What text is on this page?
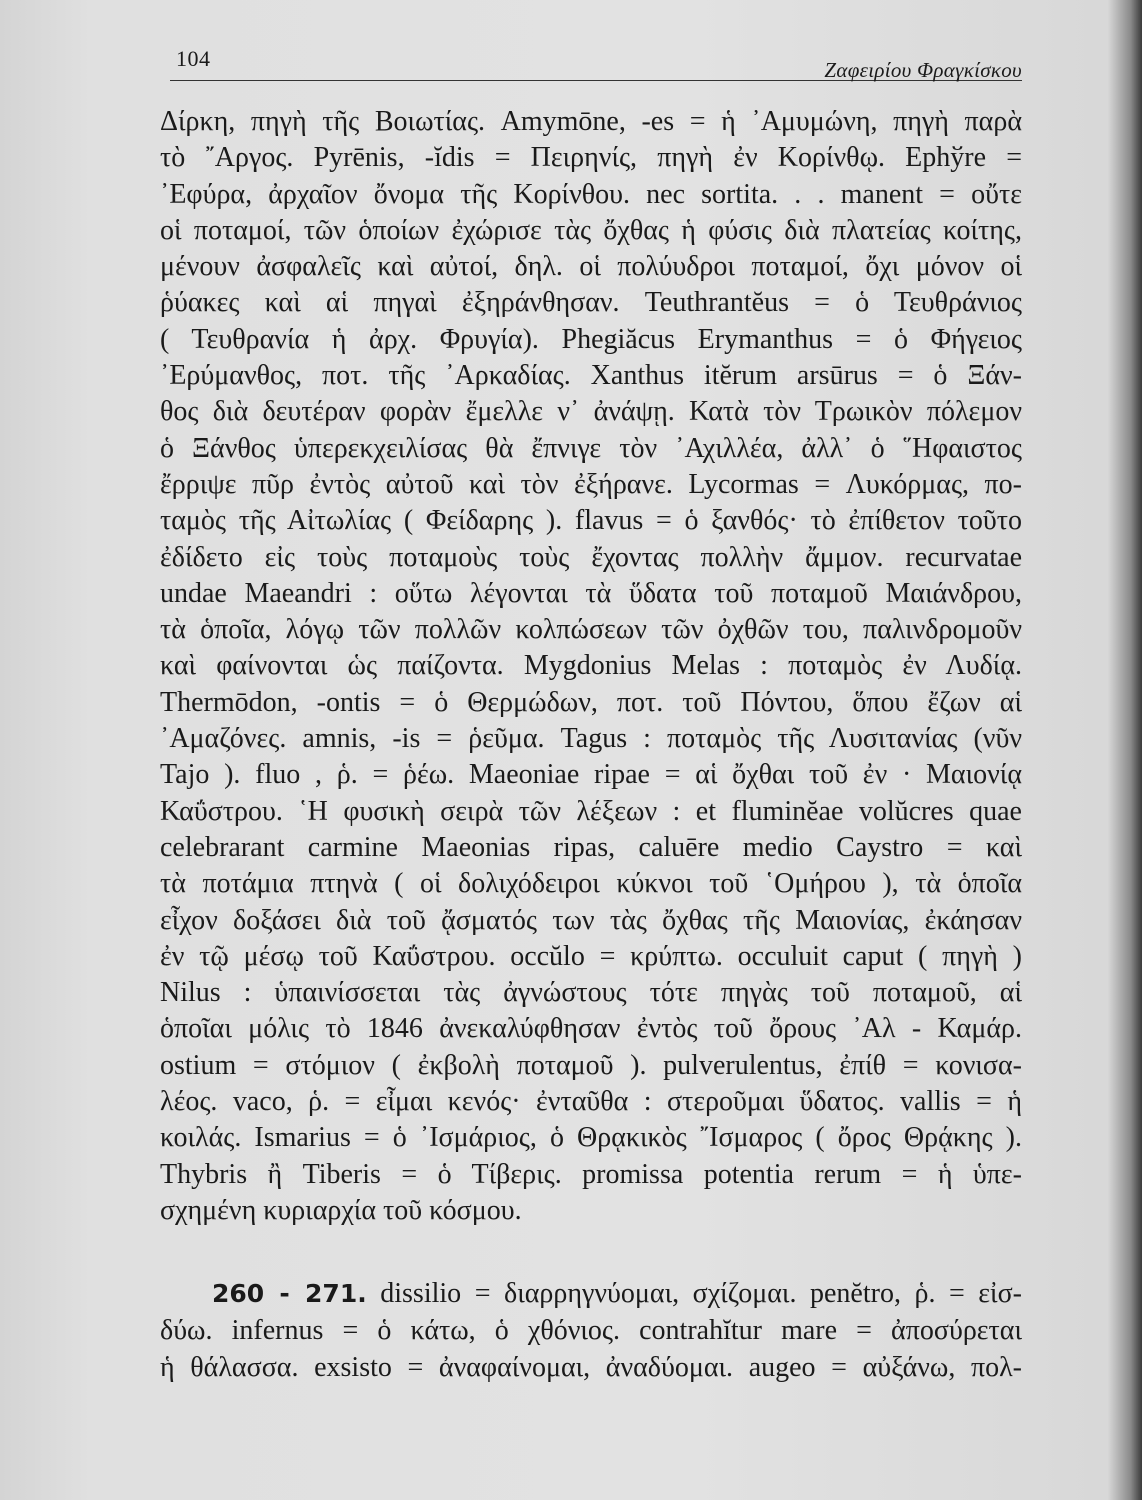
104	Ζαφειρίου Φραγκίσκου
Δίρκη, πηγὴ τῆς Βοιωτίας. Amymōne, -es = ἡ ᾿Αμυμώνη, πηγὴ παρὰ
τὸ ῎Αργος. Pyrēnis, -ĭdis = Πειρηνίς, πηγὴ ἐν Κορίνθῳ. Ephўre =
᾿Εφύρα, ἀρχαῖον ὄνομα τῆς Κορίνθου. nec sortita. . . manent = οὔτε
οἱ ποταμοί, τῶν ὁποίων ἐχώρισε τὰς ὄχθας ἡ φύσις διὰ πλατείας κοίτης,
μένουν ἀσφαλεῖς καὶ αὐτοί, δηλ. οἱ πολύυδροι ποταμοί, ὄχι μόνον οἱ
ῥύακες καὶ αἱ πηγαὶ ἐξηράνθησαν. Teuthrantĕus = ὁ Τευθράνιος
( Τευθρανία ἡ ἀρχ. Φρυγία). Phegiăcus Erymanthus = ὁ Φήγειος
᾿Ερύμανθος, ποτ. τῆς ᾿Αρκαδίας. Xanthus itĕrum arsūrus = ὁ Ξάν-
θος διὰ δευτέραν φορὰν ἔμελλε ν᾿ ἀνάψῃ. Κατὰ τὸν Τρωικὸν πόλεμον
ὁ Ξάνθος ὑπερεκχειλίσας θὰ ἔπνιγε τὸν ᾿Αχιλλέα, ἀλλ᾿ ὁ ῞Ηφαιστος
ἔρριψε πῦρ ἐντὸς αὐτοῦ καὶ τὸν ἐξήρανε. Lycormas = Λυκόρμας, πο-
ταμὸς τῆς Αἰτωλίας ( Φείδαρης ). flavus = ὁ ξανθός· τὸ ἐπίθετον τοῦτο
ἐδίδετο εἰς τοὺς ποταμοὺς τοὺς ἔχοντας πολλὴν ἄμμον. recurvatae
undae Maeandri : οὕτω λέγονται τὰ ὕδατα τοῦ ποταμοῦ Μαιάνδρου,
τὰ ὁποῖα, λόγῳ τῶν πολλῶν κολπώσεων τῶν ὀχθῶν του, παλινδρομοῦν
καὶ φαίνονται ὡς παίζοντα. Mygdonius Melas : ποταμὸς ἐν Λυδίᾳ.
Thermōdon, -ontis = ὁ Θερμώδων, ποτ. τοῦ Πόντου, ὅπου ἔζων αἱ
᾿Αμαζόνες. amnis, -is = ῥεῦμα. Tagus : ποταμὸς τῆς Λυσιτανίας (νῦν
Tajo ). fluo , ῥ. = ῥέω. Maeoniae ripae = αἱ ὄχθαι τοῦ ἐν · Μαιονίᾳ
Καΰστρου. ῾Η φυσικὴ σειρὰ τῶν λέξεων : et fluminĕae volŭcres quae
celebrarant carmine Maeonias ripas, caluēre medio Caystro = καὶ
τὰ ποτάμια πτηνὰ ( οἱ δολιχόδειροι κύκνοι τοῦ ῾Ομήρου ), τὰ ὁποῖα
εἶχον δοξάσει διὰ τοῦ ᾄσματός των τὰς ὄχθας τῆς Μαιονίας, ἐκάησαν
ἐν τῷ μέσῳ τοῦ Καΰστρου. occŭlo = κρύπτω. occuluit caput ( πηγὴ )
Nilus : ὑπαινίσσεται τὰς ἀγνώστους τότε πηγὰς τοῦ ποταμοῦ, αἱ
ὁποῖαι μόλις τὸ 1846 ἀνεκαλύφθησαν ἐντὸς τοῦ ὄρους ᾿Αλ - Καμάρ.
ostium = στόμιον ( ἐκβολὴ ποταμοῦ ). pulverulentus, ἐπίθ = κονισα-
λέος. vaco, ῥ. = εἶμαι κενός· ἐνταῦθα : στεροῦμαι ὕδατος. vallis = ἡ
κοιλάς. Ismarius = ὁ ᾿Ισμάριος, ὁ Θρᾳκικὸς ῎Ισμαρος ( ὄρος Θρᾴκης ).
Thybris ἢ Tiberis = ὁ Τίβερις. promissa potentia rerum = ἡ ὑπε-
σχημένη κυριαρχία τοῦ κόσμου.
260 - 271. dissilio = διαρρηγνύομαι, σχίζομαι. penĕtro, ῥ. = εἰσ-
δύω. infernus = ὁ κάτω, ὁ χθόνιος. contrahĭtur mare = ἀποσύρεται
ἡ θάλασσα. exsisto = ἀναφαίνομαι, ἀναδύομαι. augeo = αὐξάνω, πολ-
